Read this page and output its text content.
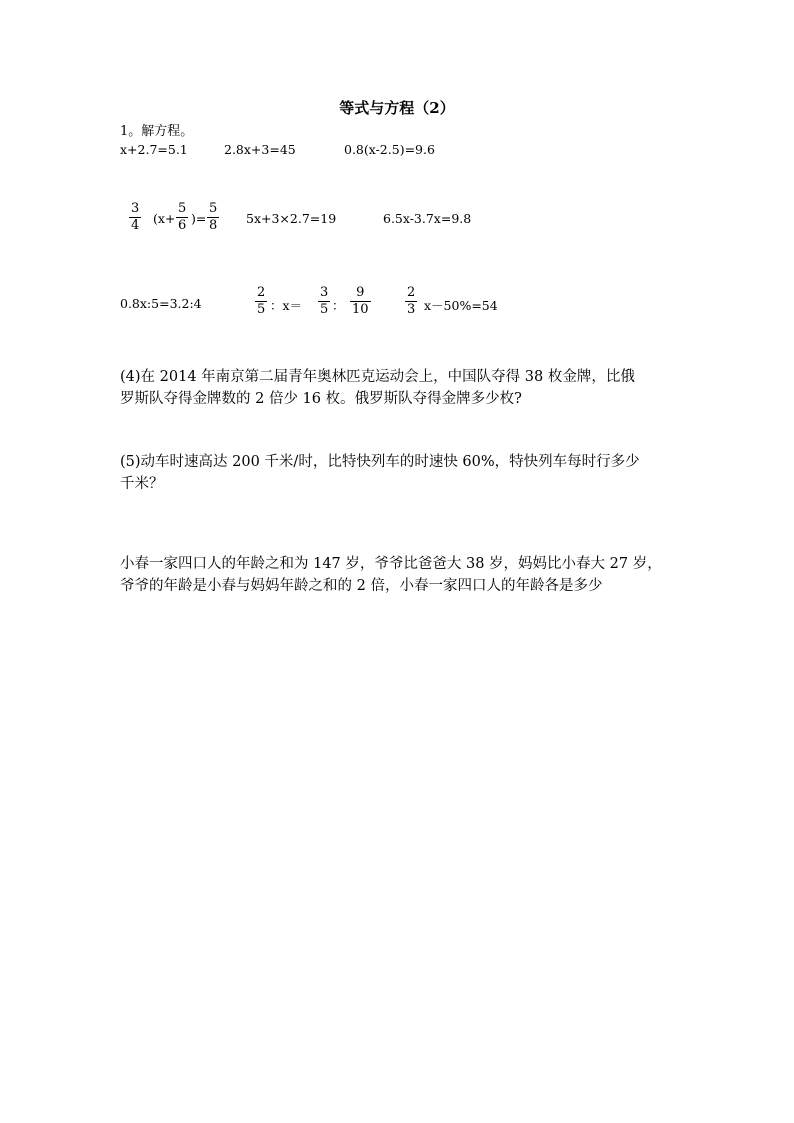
等式与方程（2）
1。解方程。
x+2.7=5.1	2.8x+3=45	0.8(x-2.5)=9.6
3
4 (x+
5
6 )=
5
8 5x+3×2.7=19	6.5x-3.7x=9.8
0.8x:5=3.2:4
2
5 ：x＝
3
5 ：
9
10
2
3 x－50%=54
(4)在 2014 年南京第二届青年奥林匹克运动会上，中国队夺得 38 枚金牌，比俄
罗斯队夺得金牌数的 2 倍少 16 枚。俄罗斯队夺得金牌多少枚?
(5)动车时速高达 200 千米/时，比特快列车的时速快 60%，特快列车每时行多少
千米？
小春一家四口人的年龄之和为 147 岁，爷爷比爸爸大 38 岁，妈妈比小春大 27 岁，
爷爷的年龄是小春与妈妈年龄之和的 2 倍，小春一家四口人的年龄各是多少
